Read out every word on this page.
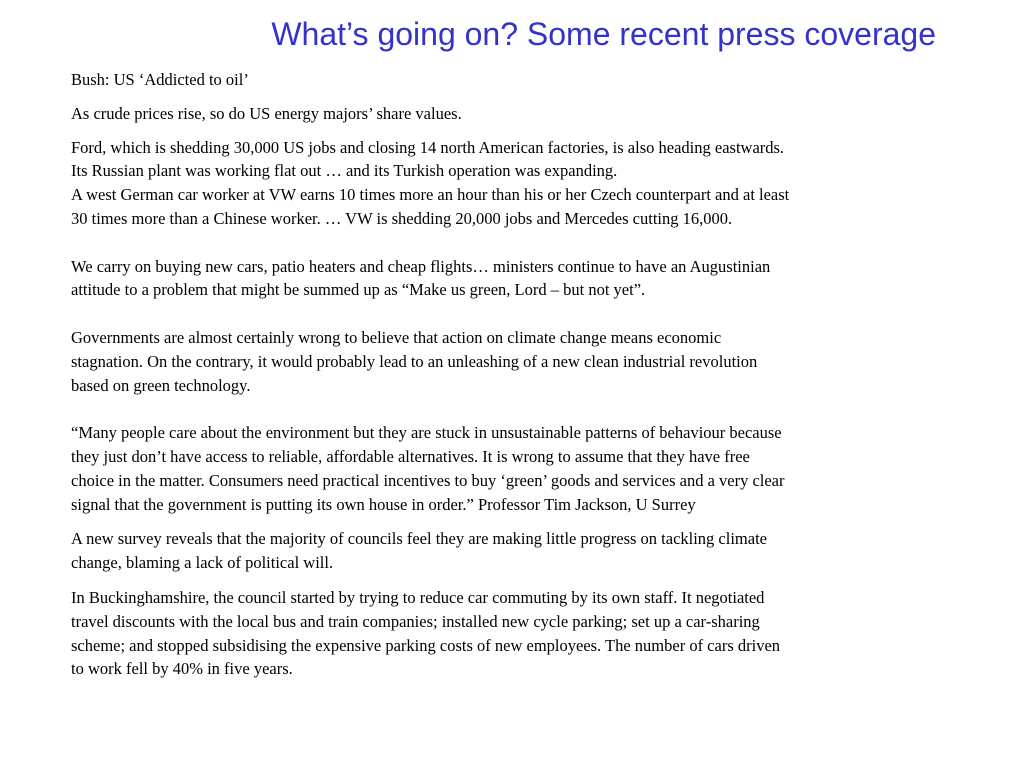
What’s going on? Some recent press coverage

Bush: US ‘Addicted to oil’

As crude prices rise, so do US energy majors’ share values.

Ford, which is shedding 30,000 US jobs and closing 14 north American factories, is also heading eastwards.
Its Russian plant was working flat out … and its Turkish operation was expanding.
A west German car worker at VW earns 10 times more an hour than his or her Czech counterpart and at least
30 times more than a Chinese worker. … VW is shedding 20,000 jobs and Mercedes cutting 16,000.
We carry on buying new cars, patio heaters and cheap flights… ministers continue to have an Augustinian
attitude to a problem that might be summed up as “Make us green, Lord – but not yet”.
Governments are almost certainly wrong to believe that action on climate change means economic
stagnation. On the contrary, it would probably lead to an unleashing of a new clean industrial revolution
based on green technology.
“Many people care about the environment but they are stuck in unsustainable patterns of behaviour because
they just don’t have access to reliable, affordable alternatives. It is wrong to assume that they have free
choice in the matter. Consumers need practical incentives to buy ‘green’ goods and services and a very clear
signal that the government is putting its own house in order.” Professor Tim Jackson, U Surrey
A new survey reveals that the majority of councils feel they are making little progress on tackling climate
change, blaming a lack of political will.
In Buckinghamshire, the council started by trying to reduce car commuting by its own staff. It negotiated
travel discounts with the local bus and train companies; installed new cycle parking; set up a car-sharing
scheme; and stopped subsidising the expensive parking costs of new employees. The number of cars driven
to work fell by 40% in five years.
